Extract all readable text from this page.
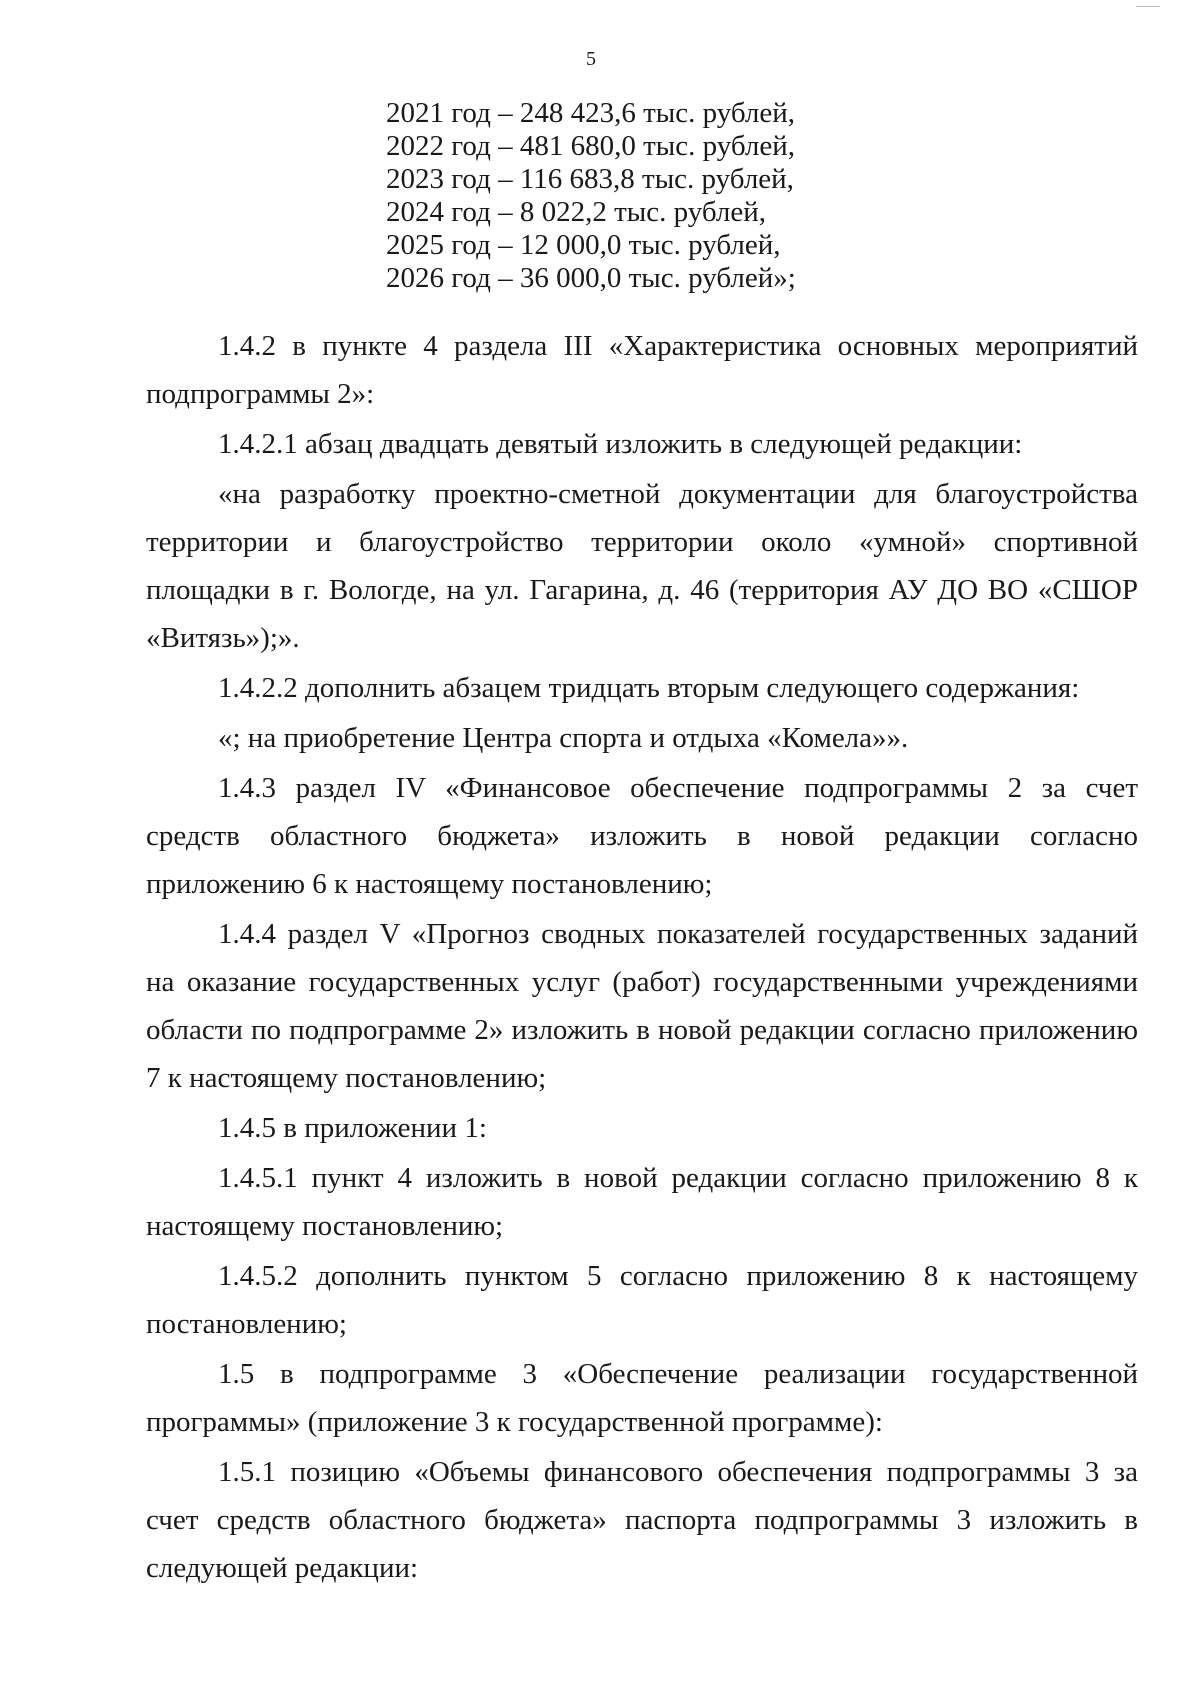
5
2021 год – 248 423,6 тыс. рублей,
2022 год – 481 680,0 тыс. рублей,
2023 год – 116 683,8 тыс. рублей,
2024 год – 8 022,2 тыс. рублей,
2025 год – 12 000,0 тыс. рублей,
2026 год – 36 000,0 тыс. рублей»;

1.4.2 в пункте 4 раздела III «Характеристика основных мероприятий подпрограммы 2»:

1.4.2.1 абзац двадцать девятый изложить в следующей редакции:

«на разработку проектно-сметной документации для благоустройства территории и благоустройство территории около «умной» спортивной площадки в г. Вологде, на ул. Гагарина, д. 46 (территория АУ ДО ВО «СШОР «Витязь»);».

1.4.2.2 дополнить абзацем тридцать вторым следующего содержания:

«; на приобретение Центра спорта и отдыха «Комела»».

1.4.3 раздел IV «Финансовое обеспечение подпрограммы 2 за счет средств областного бюджета» изложить в новой редакции согласно приложению 6 к настоящему постановлению;

1.4.4 раздел V «Прогноз сводных показателей государственных заданий на оказание государственных услуг (работ) государственными учреждениями области по подпрограмме 2» изложить в новой редакции согласно приложению 7 к настоящему постановлению;

1.4.5 в приложении 1:

1.4.5.1 пункт 4 изложить в новой редакции согласно приложению 8 к настоящему постановлению;

1.4.5.2 дополнить пунктом 5 согласно приложению 8 к настоящему постановлению;

1.5 в подпрограмме 3 «Обеспечение реализации государственной программы» (приложение 3 к государственной программе):

1.5.1 позицию «Объемы финансового обеспечения подпрограммы 3 за счет средств областного бюджета» паспорта подпрограммы 3 изложить в следующей редакции:
